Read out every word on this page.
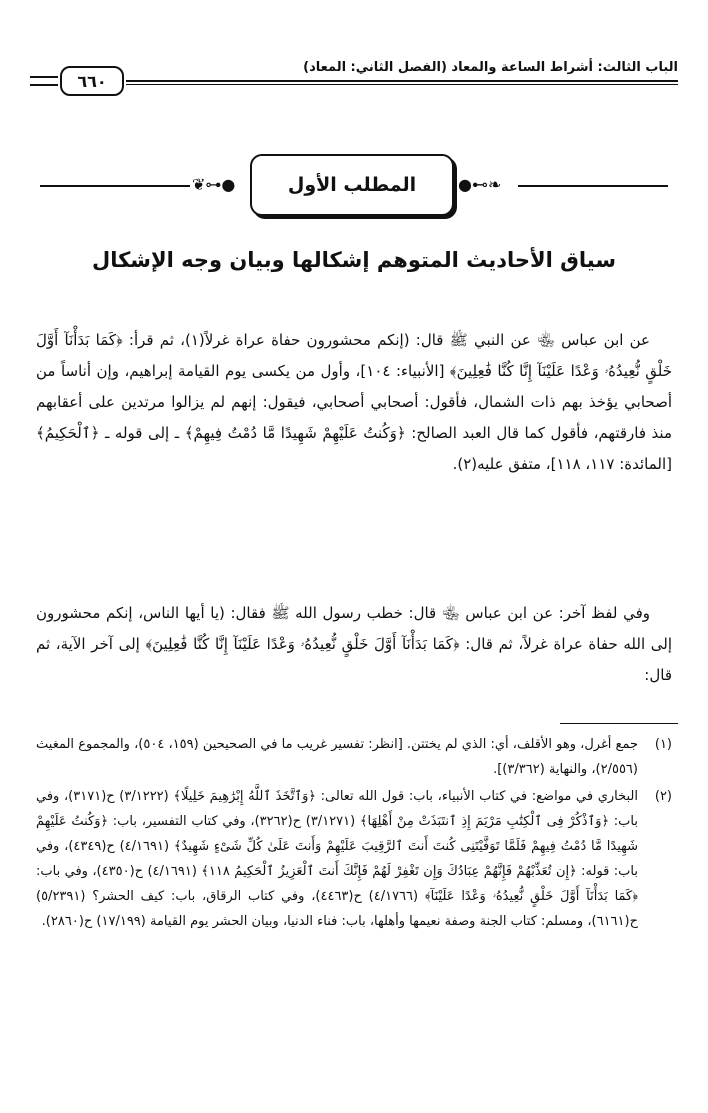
الباب الثالث: أشراط الساعة والمعاد (الفصل الثاني: المعاد)
٦٦٠
❦⊶●	المطلب الأول	●⊷❧
سياق الأحاديث المتوهم إشكالها وبيان وجه الإشكال
عن ابن عباس ﵄ عن النبي ﷺ قال: (إنكم محشورون حفاة عراة غرلاً(١)، ثم قرأ: ﴿كَمَا بَدَأْنَآ أَوَّلَ خَلْقٍ نُّعِيدُهُۥ وَعْدًا عَلَيْنَآ إِنَّا كُنَّا فَٰعِلِينَ﴾ [الأنبياء: ١٠٤]، وأول من يكسى يوم القيامة إبراهيم، وإن أناساً من أصحابي يؤخذ بهم ذات الشمال، فأقول: أصحابي أصحابي، فيقول: إنهم لم يزالوا مرتدين على أعقابهم منذ فارقتهم، فأقول كما قال العبد الصالح: ﴿وَكُنتُ عَلَيْهِمْ شَهِيدًا مَّا دُمْتُ فِيهِمْ﴾ ـ إلى قوله ـ ﴿ٱلْحَكِيمُ﴾ [المائدة: ١١٧، ١١٨]، متفق عليه(٢).
وفي لفظ آخر: عن ابن عباس ﵄ قال: خطب رسول الله ﷺ فقال: (يا أيها الناس، إنكم محشورون إلى الله حفاة عراة غرلاً، ثم قال: ﴿كَمَا بَدَأْنَآ أَوَّلَ خَلْقٍ نُّعِيدُهُۥ وَعْدًا عَلَيْنَآ إِنَّا كُنَّا فَٰعِلِينَ﴾ إلى آخر الآية، ثم قال:
(١)
جمع أغرل، وهو الأقلف، أي: الذي لم يختتن. [انظر: تفسير غريب ما في الصحيحين (١٥٩، ٥٠٤)، والمجموع المغيث (٢/٥٥٦)، والنهاية (٣/٣٦٢)].
(٢)
البخاري في مواضع: في كتاب الأنبياء، باب: قول الله تعالى: ﴿وَٱتَّخَذَ ٱللَّهُ إِبْرَٰهِيمَ خَلِيلًا﴾ (٣/١٢٢٢) ح(٣١٧١)، وفي باب: ﴿وَٱذْكُرْ فِى ٱلْكِتَٰبِ مَرْيَمَ إِذِ ٱنتَبَذَتْ مِنْ أَهْلِهَا﴾ (٣/١٢٧١) ح(٣٢٦٢)، وفي كتاب التفسير، باب: ﴿وَكُنتُ عَلَيْهِمْ شَهِيدًا مَّا دُمْتُ فِيهِمْ فَلَمَّا تَوَفَّيْتَنِى كُنتَ أَنتَ ٱلرَّقِيبَ عَلَيْهِمْ وَأَنتَ عَلَىٰ كُلِّ شَىْءٍ شَهِيدٌ﴾ (٤/١٦٩١) ح(٤٣٤٩)، وفي باب: قوله: ﴿إِن تُعَذِّبْهُمْ فَإِنَّهُمْ عِبَادُكَ وَإِن تَغْفِرْ لَهُمْ فَإِنَّكَ أَنتَ ٱلْعَزِيزُ ٱلْحَكِيمُ ١١٨﴾ (٤/١٦٩١) ح(٤٣٥٠)، وفي باب: ﴿كَمَا بَدَأْنَآ أَوَّلَ خَلْقٍ نُّعِيدُهُۥ وَعْدًا عَلَيْنَآ﴾ (٤/١٧٦٦) ح(٤٤٦٣)، وفي كتاب الرقاق، باب: كيف الحشر؟ (٥/٢٣٩١) ح(٦١٦١)، ومسلم: كتاب الجنة وصفة نعيمها وأهلها، باب: فناء الدنيا، وبيان الحشر يوم القيامة (١٧/١٩٩) ح(٢٨٦٠).
